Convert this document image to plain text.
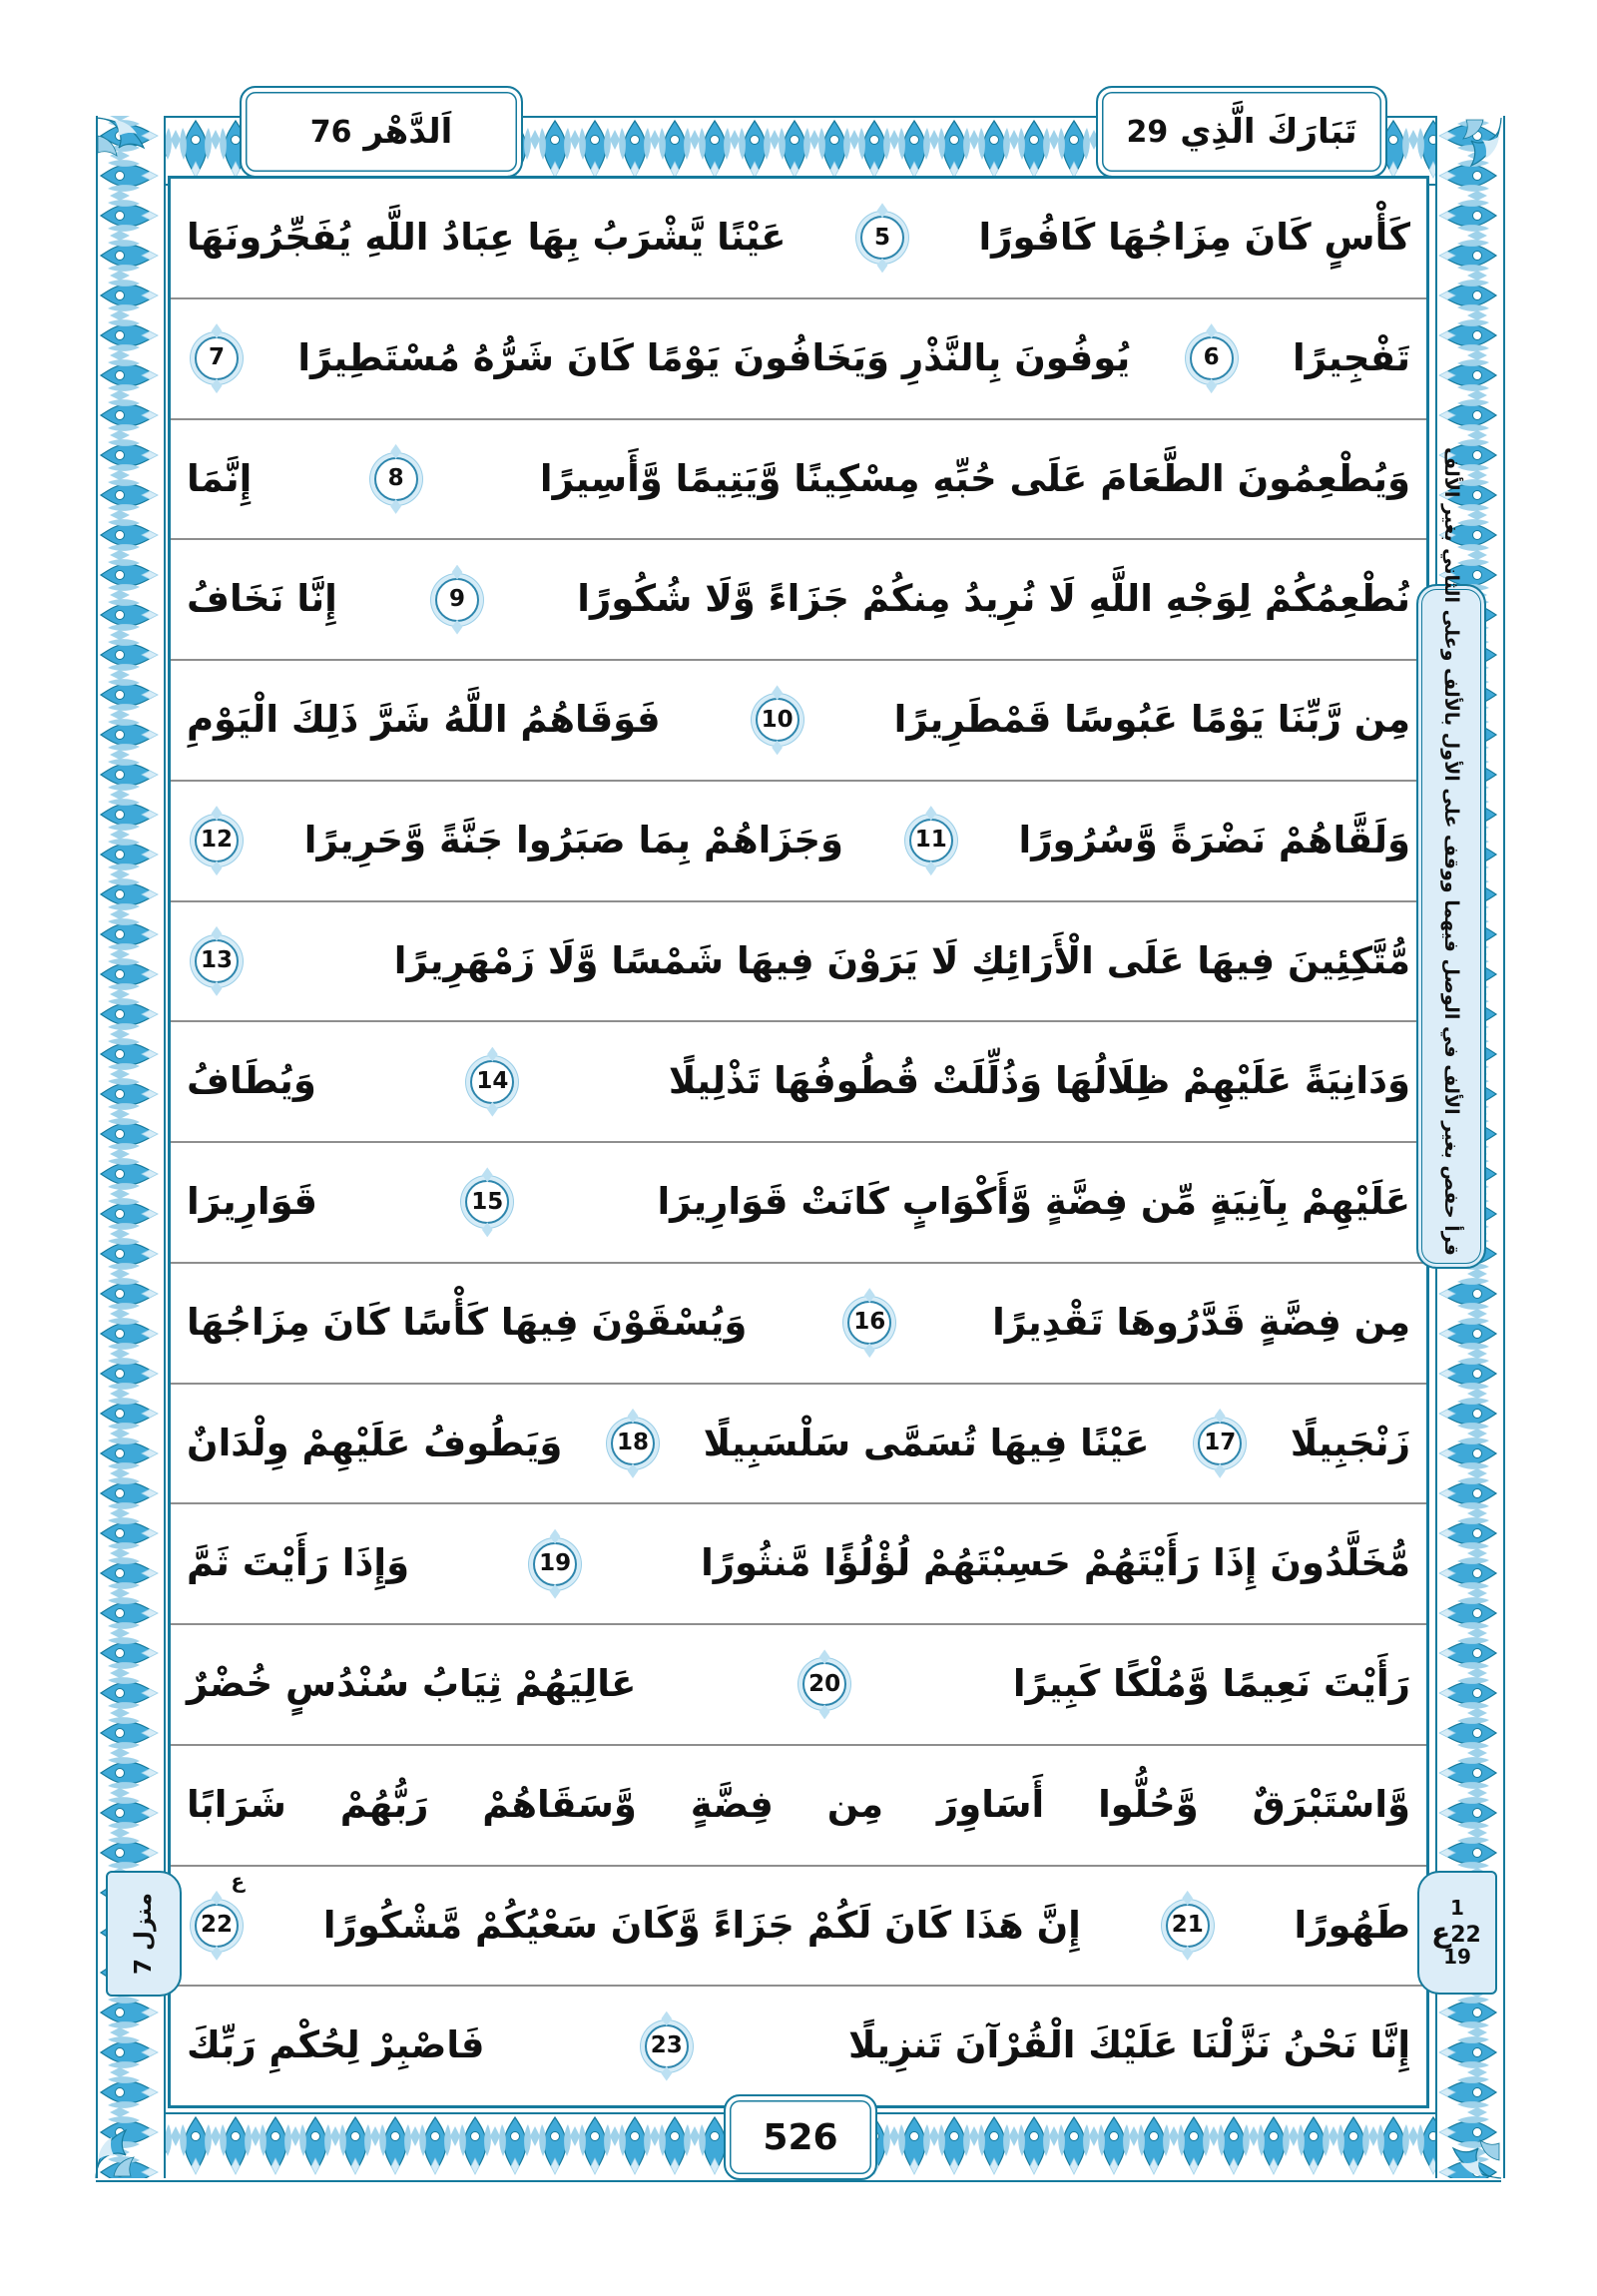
كَأْسٍ كَانَ مِزَاجُهَا كَافُورًا
5
عَيْنًا يَّشْرَبُ بِهَا عِبَادُ اللَّهِ يُفَجِّرُونَهَا
تَفْجِيرًا
6
يُوفُونَ بِالنَّذْرِ وَيَخَافُونَ يَوْمًا كَانَ شَرُّهُ مُسْتَطِيرًا
7
وَيُطْعِمُونَ الطَّعَامَ عَلَى حُبِّهِ مِسْكِينًا وَّيَتِيمًا وَّأَسِيرًا
8
إِنَّمَا
نُطْعِمُكُمْ لِوَجْهِ اللَّهِ لَا نُرِيدُ مِنكُمْ جَزَاءً وَّلَا شُكُورًا
9
إِنَّا نَخَافُ
مِن رَّبِّنَا يَوْمًا عَبُوسًا قَمْطَرِيرًا
10
فَوَقَاهُمُ اللَّهُ شَرَّ ذَلِكَ الْيَوْمِ
وَلَقَّاهُمْ نَضْرَةً وَّسُرُورًا
11
وَجَزَاهُمْ بِمَا صَبَرُوا جَنَّةً وَّحَرِيرًا
12
مُّتَّكِئِينَ فِيهَا عَلَى الْأَرَائِكِ لَا يَرَوْنَ فِيهَا شَمْسًا وَّلَا زَمْهَرِيرًا
13
وَدَانِيَةً عَلَيْهِمْ ظِلَالُهَا وَذُلِّلَتْ قُطُوفُهَا تَذْلِيلًا
14
وَيُطَافُ
عَلَيْهِمْ بِآنِيَةٍ مِّن فِضَّةٍ وَّأَكْوَابٍ كَانَتْ قَوَارِيرَا
15
قَوَارِيرَا
مِن فِضَّةٍ قَدَّرُوهَا تَقْدِيرًا
16
وَيُسْقَوْنَ فِيهَا كَأْسًا كَانَ مِزَاجُهَا
زَنْجَبِيلًا
17
عَيْنًا فِيهَا تُسَمَّى سَلْسَبِيلًا
18
وَيَطُوفُ عَلَيْهِمْ وِلْدَانٌ
مُّخَلَّدُونَ إِذَا رَأَيْتَهُمْ حَسِبْتَهُمْ لُؤْلُؤًا مَّنثُورًا
19
وَإِذَا رَأَيْتَ ثَمَّ
رَأَيْتَ نَعِيمًا وَّمُلْكًا كَبِيرًا
20
عَالِيَهُمْ ثِيَابُ سُنْدُسٍ خُضْرٌ
وَّاسْتَبْرَقٌ وَّحُلُّوا أَسَاوِرَ مِن فِضَّةٍ وَّسَقَاهُمْ رَبُّهُمْ شَرَابًا
طَهُورًا
21
إِنَّ هَذَا كَانَ لَكُمْ جَزَاءً وَّكَانَ سَعْيُكُمْ مَّشْكُورًا
ع
22
إِنَّا نَحْنُ نَزَّلْنَا عَلَيْكَ الْقُرْآنَ تَنزِيلًا
23
فَاصْبِرْ لِحُكْمِ رَبِّكَ
اَلدَّهْر
76	تَبَارَكَ الَّذِي
29
526
قرأ حفص بغير الألف في الوصل فيهما ووقف على الأول بالألف وعلى الثاني بغير الألف
1
ع 22
19
منزل 7
